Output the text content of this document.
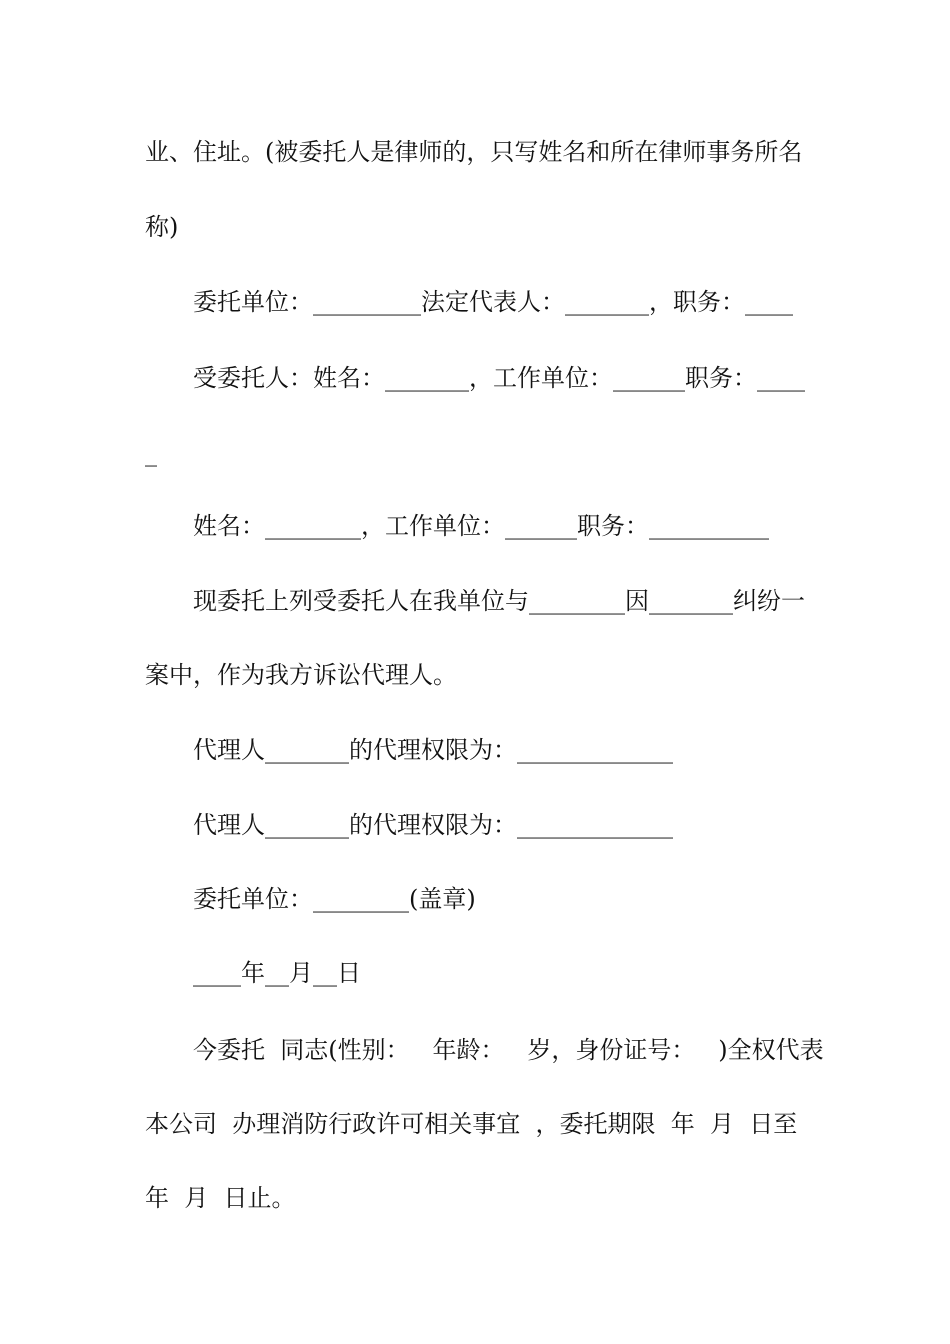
业、住址。(被委托人是律师的，只写姓名和所在律师事务所名
称)
委托单位：_________法定代表人：_______，职务：____
受委托人：姓名：_______，工作单位：______职务：____
_
姓名：________，工作单位：______职务：__________
现委托上列受委托人在我单位与________因_______纠纷一
案中，作为我方诉讼代理人。
代理人_______的代理权限为：_____________
代理人_______的代理权限为：_____________
委托单位：________(盖章)
____年__月__日
今委托  同志(性别：   年龄：   岁，身份证号：   )全权代表
本公司  办理消防行政许可相关事宜  ，委托期限  年  月  日至
年  月  日止。
